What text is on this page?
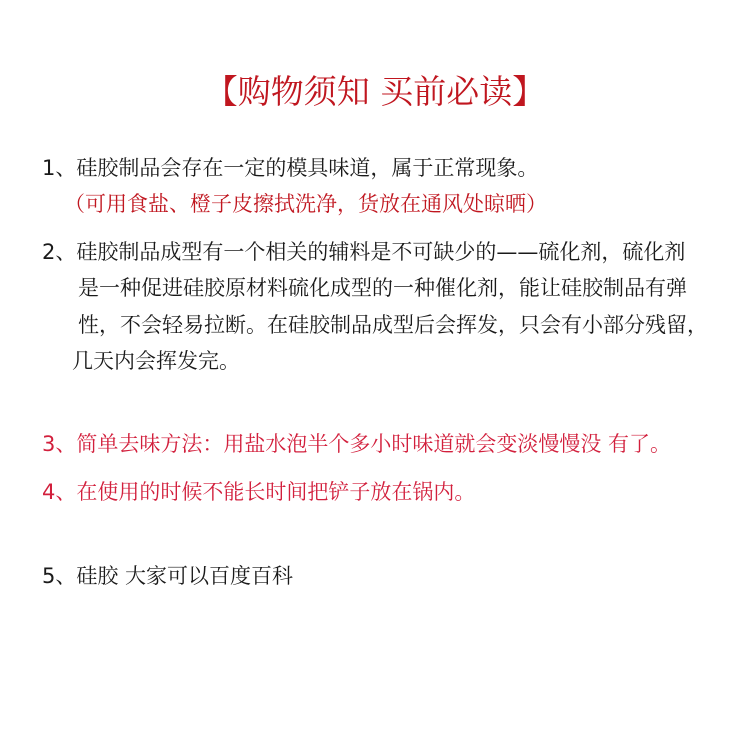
【购物须知 买前必读】
1、硅胶制品会存在一定的模具味道，属于正常现象。
（可用食盐、橙子皮擦拭洗净，货放在通风处晾晒）
2、硅胶制品成型有一个相关的辅料是不可缺少的——硫化剂，硫化剂
是一种促进硅胶原材料硫化成型的一种催化剂，能让硅胶制品有弹
性，不会轻易拉断。在硅胶制品成型后会挥发，只会有小部分残留，
几天内会挥发完。
3、简单去味方法：用盐水泡半个多小时味道就会变淡慢慢没 有了。
4、在使用的时候不能长时间把铲子放在锅内。
5、硅胶 大家可以百度百科
